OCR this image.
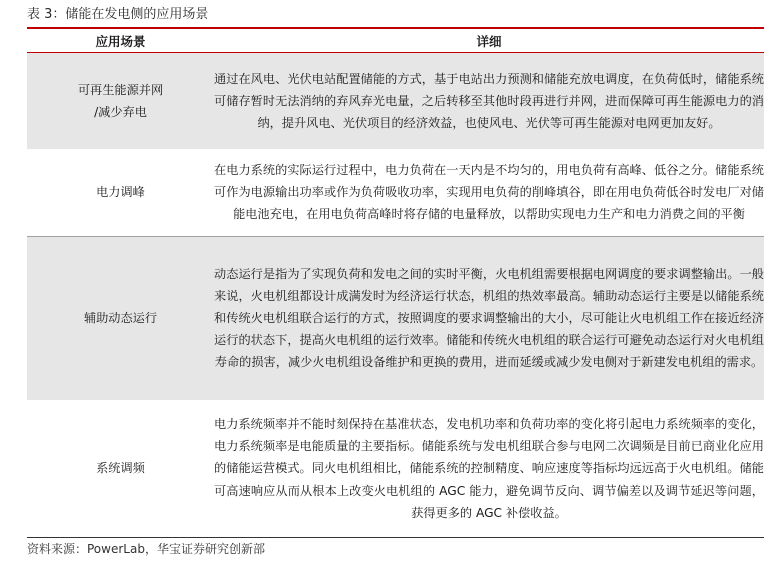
表 3：储能在发电侧的应用场景
应用场景	详细

可再生能源并网
/减少弃电	通过在风电、光伏电站配置储能的方式，基于电站出力预测和储能充放电调度，在负荷低时，储能系统可储存暂时无法消纳的弃风弃光电量，之后转移至其他时段再进行并网，进而保障可再生能源电力的消纳，提升风电、光伏项目的经济效益，也使风电、光伏等可再生能源对电网更加友好。

电力调峰	在电力系统的实际运行过程中，电力负荷在一天内是不均匀的，用电负荷有高峰、低谷之分。储能系统可作为电源输出功率或作为负荷吸收功率，实现用电负荷的削峰填谷，即在用电负荷低谷时发电厂对储能电池充电，在用电负荷高峰时将存储的电量释放，以帮助实现电力生产和电力消费之间的平衡

辅助动态运行	动态运行是指为了实现负荷和发电之间的实时平衡，火电机组需要根据电网调度的要求调整输出。一般来说，火电机组都设计成满发时为经济运行状态，机组的热效率最高。辅助动态运行主要是以储能系统和传统火电机组联合运行的方式，按照调度的要求调整输出的大小，尽可能让火电机组工作在接近经济运行的状态下，提高火电机组的运行效率。储能和传统火电机组的联合运行可避免动态运行对火电机组寿命的损害，减少火电机组设备维护和更换的费用，进而延缓或减少发电侧对于新建发电机组的需求。

系统调频	电力系统频率并不能时刻保持在基准状态，发电机功率和负荷功率的变化将引起电力系统频率的变化，电力系统频率是电能质量的主要指标。储能系统与发电机组联合参与电网二次调频是目前已商业化应用的储能运营模式。同火电机组相比，储能系统的控制精度、响应速度等指标均远远高于火电机组。储能可高速响应从而从根本上改变火电机组的 AGC 能力，避免调节反向、调节偏差以及调节延迟等问题，获得更多的 AGC 补偿收益。
资料来源：PowerLab，华宝证券研究创新部
